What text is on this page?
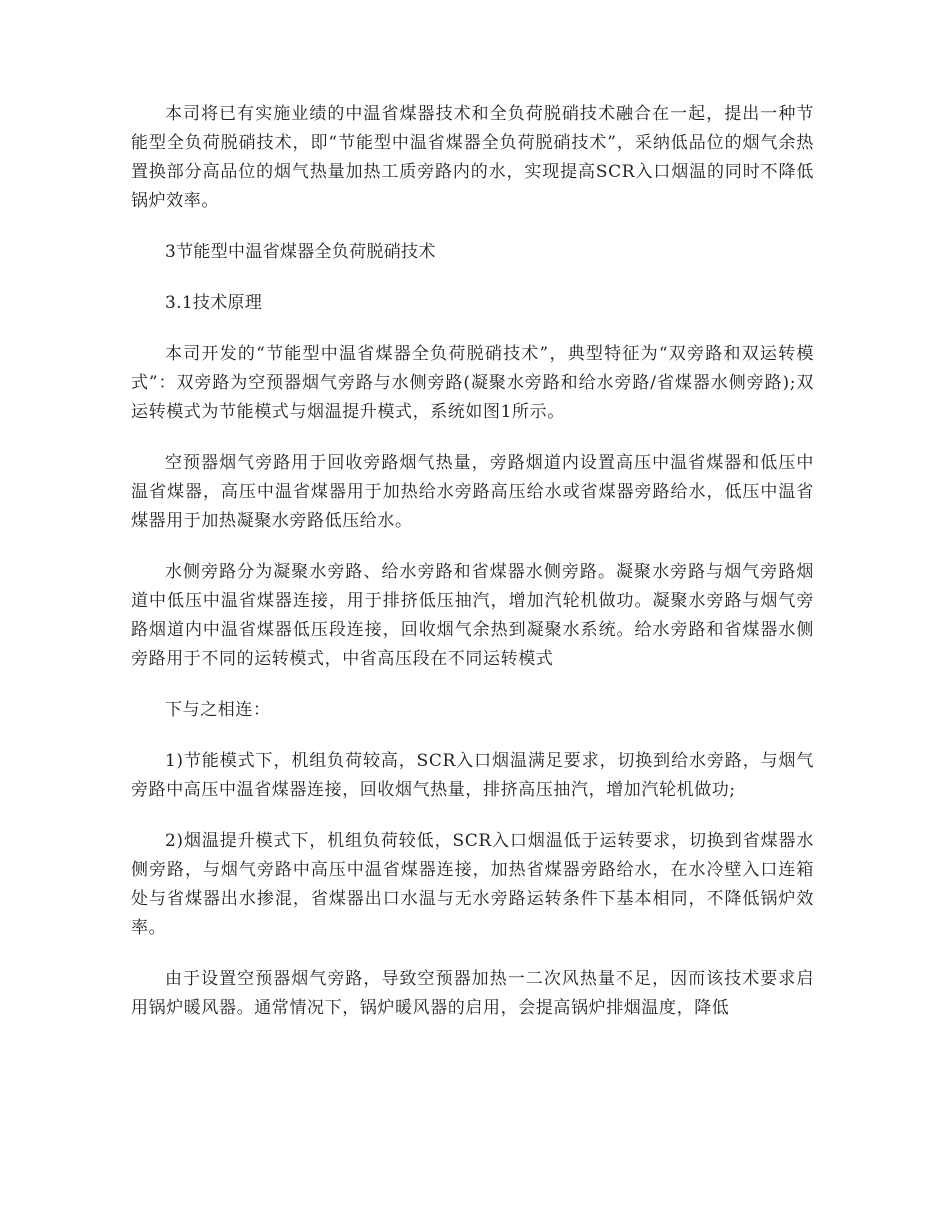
本司将已有实施业绩的中温省煤器技术和全负荷脱硝技术融合在一起，提出一种节能型全负荷脱硝技术，即“节能型中温省煤器全负荷脱硝技术”，采纳低品位的烟气余热置换部分高品位的烟气热量加热工质旁路内的水，实现提高SCR入口烟温的同时不降低锅炉效率。

3节能型中温省煤器全负荷脱硝技术

3.1技术原理

本司开发的“节能型中温省煤器全负荷脱硝技术”，典型特征为“双旁路和双运转模式”：双旁路为空预器烟气旁路与水侧旁路(凝聚水旁路和给水旁路/省煤器水侧旁路);双运转模式为节能模式与烟温提升模式，系统如图1所示。

空预器烟气旁路用于回收旁路烟气热量，旁路烟道内设置高压中温省煤器和低压中温省煤器，高压中温省煤器用于加热给水旁路高压给水或省煤器旁路给水，低压中温省煤器用于加热凝聚水旁路低压给水。

水侧旁路分为凝聚水旁路、给水旁路和省煤器水侧旁路。凝聚水旁路与烟气旁路烟道中低压中温省煤器连接，用于排挤低压抽汽，增加汽轮机做功。凝聚水旁路与烟气旁路烟道内中温省煤器低压段连接，回收烟气余热到凝聚水系统。给水旁路和省煤器水侧旁路用于不同的运转模式，中省高压段在不同运转模式

下与之相连：

1)节能模式下，机组负荷较高，SCR入口烟温满足要求，切换到给水旁路，与烟气旁路中高压中温省煤器连接，回收烟气热量，排挤高压抽汽，增加汽轮机做功;

2)烟温提升模式下，机组负荷较低，SCR入口烟温低于运转要求，切换到省煤器水侧旁路，与烟气旁路中高压中温省煤器连接，加热省煤器旁路给水，在水冷壁入口连箱处与省煤器出水掺混，省煤器出口水温与无水旁路运转条件下基本相同，不降低锅炉效率。

由于设置空预器烟气旁路，导致空预器加热一二次风热量不足，因而该技术要求启用锅炉暖风器。通常情况下，锅炉暖风器的启用，会提高锅炉排烟温度，降低
